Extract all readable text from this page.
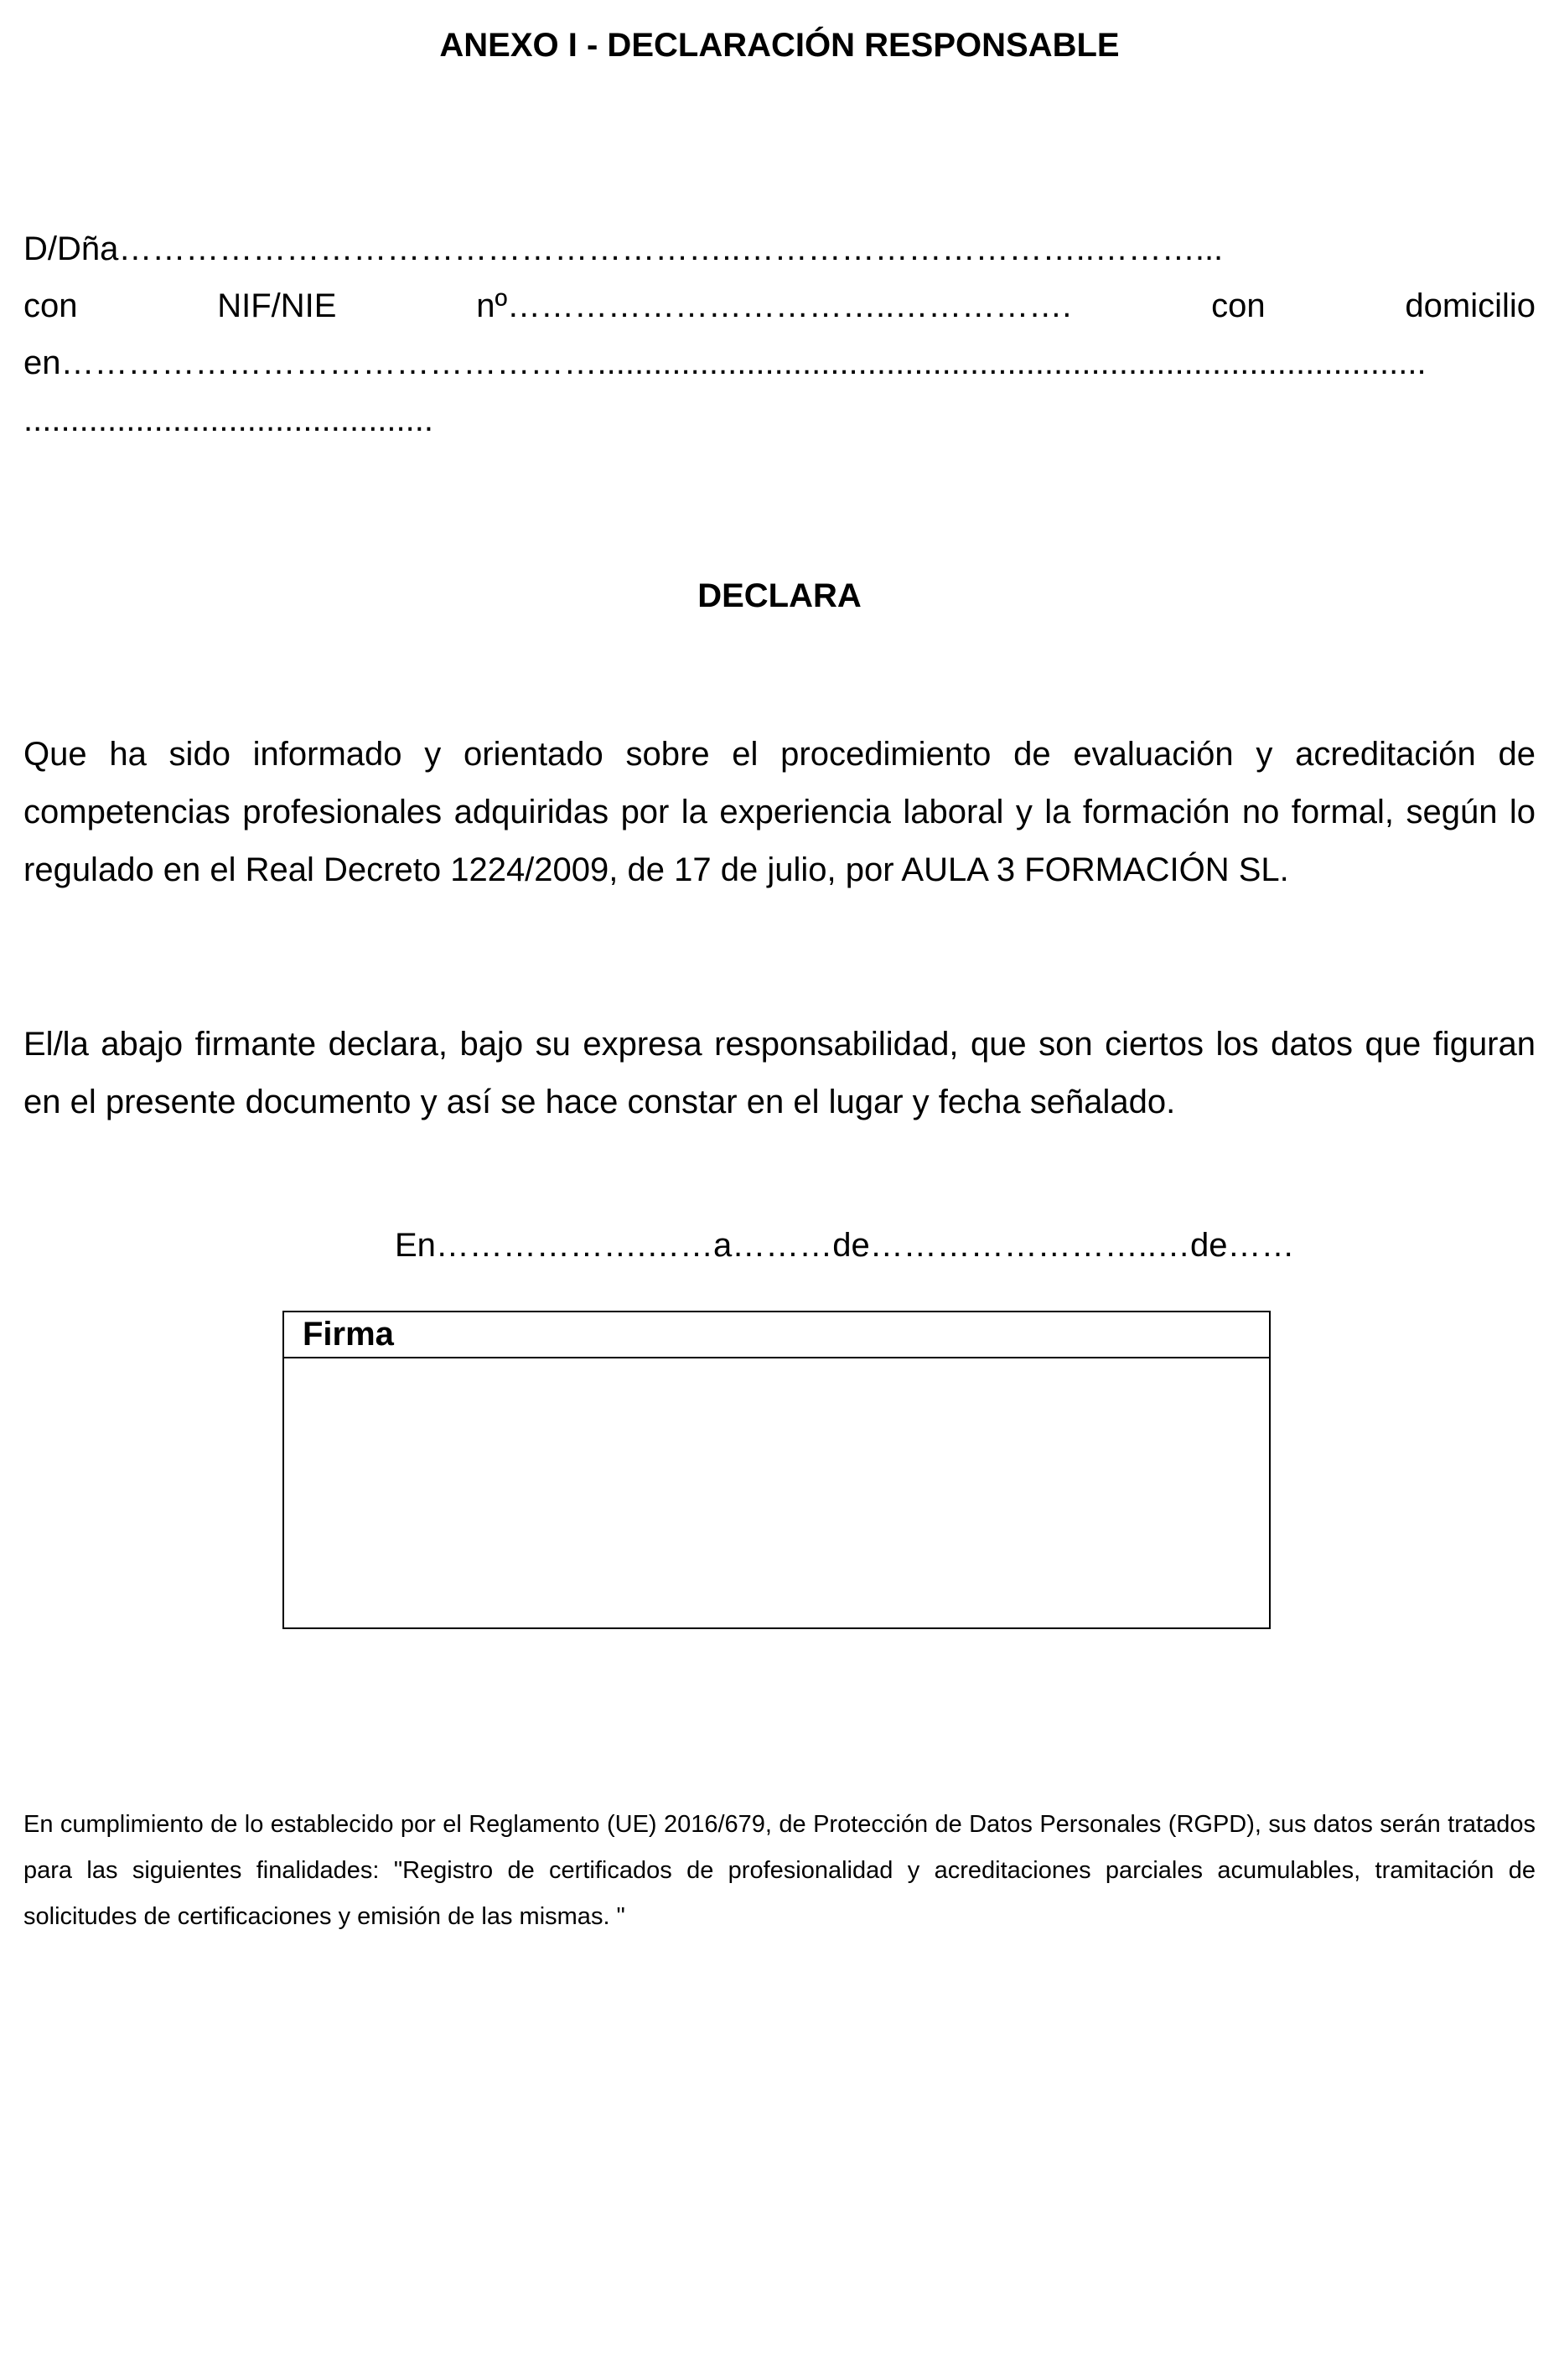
ANEXO I - DECLARACIÓN RESPONSABLE
D/Dña………………………………………………..…………………………..………...
con	NIF/NIE	nº……………………………..…………….	con	domicilio
en………………………………………….........................................................................................
............................................
DECLARA

Que ha sido informado y orientado sobre el procedimiento de evaluación y acreditación de competencias profesionales adquiridas por la experiencia laboral y la formación no formal, según lo regulado en el Real Decreto 1224/2009, de 17 de julio, por AULA 3 FORMACIÓN SL.

El/la abajo firmante declara, bajo su expresa responsabilidad, que son ciertos los datos que figuran en el presente documento y así se hace constar en el lugar y fecha señalado.

En……………….……a………de……………………..…de……
Firma

En cumplimiento de lo establecido por el Reglamento (UE) 2016/679, de Protección de Datos Personales (RGPD), sus datos serán tratados para las siguientes finalidades: "Registro de certificados de profesionalidad y acreditaciones parciales acumulables, tramitación de solicitudes de certificaciones y emisión de las mismas. "
